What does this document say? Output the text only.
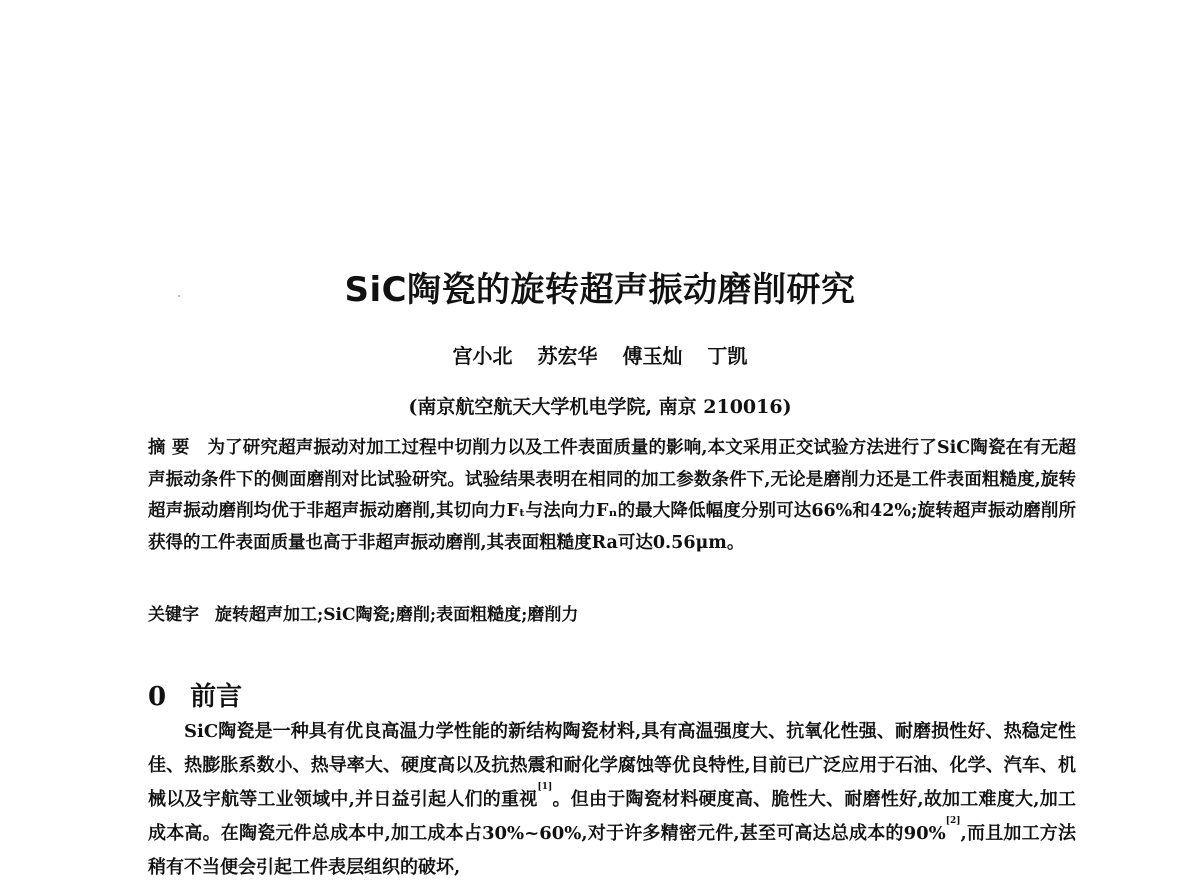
SiC陶瓷的旋转超声振动磨削研究
宫小北 苏宏华 傅玉灿 丁凯
(南京航空航天大学机电学院, 南京 210016)

摘 要 为了研究超声振动对加工过程中切削力以及工件表面质量的影响,本文采用正交试验方法进行了SiC陶瓷在有无超声振动条件下的侧面磨削对比试验研究。试验结果表明在相同的加工参数条件下,无论是磨削力还是工件表面粗糙度,旋转超声振动磨削均优于非超声振动磨削,其切向力Fₜ与法向力Fₙ的最大降低幅度分别可达66%和42%;旋转超声振动磨削所获得的工件表面质量也高于非超声振动磨削,其表面粗糙度Ra可达0.56μm。

关键字 旋转超声加工;SiC陶瓷;磨削;表面粗糙度;磨削力
0 前言

SiC陶瓷是一种具有优良高温力学性能的新结构陶瓷材料,具有高温强度大、抗氧化性强、耐磨损性好、热稳定性佳、热膨胀系数小、热导率大、硬度高以及抗热震和耐化学腐蚀等优良特性,目前已广泛应用于石油、化学、汽车、机械以及宇航等工业领域中,并日益引起人们的重视[1]。但由于陶瓷材料硬度高、脆性大、耐磨性好,故加工难度大,加工成本高。在陶瓷元件总成本中,加工成本占30%~60%,对于许多精密元件,甚至可高达总成本的90%[2],而且加工方法稍有不当便会引起工件表层组织的破坏,
